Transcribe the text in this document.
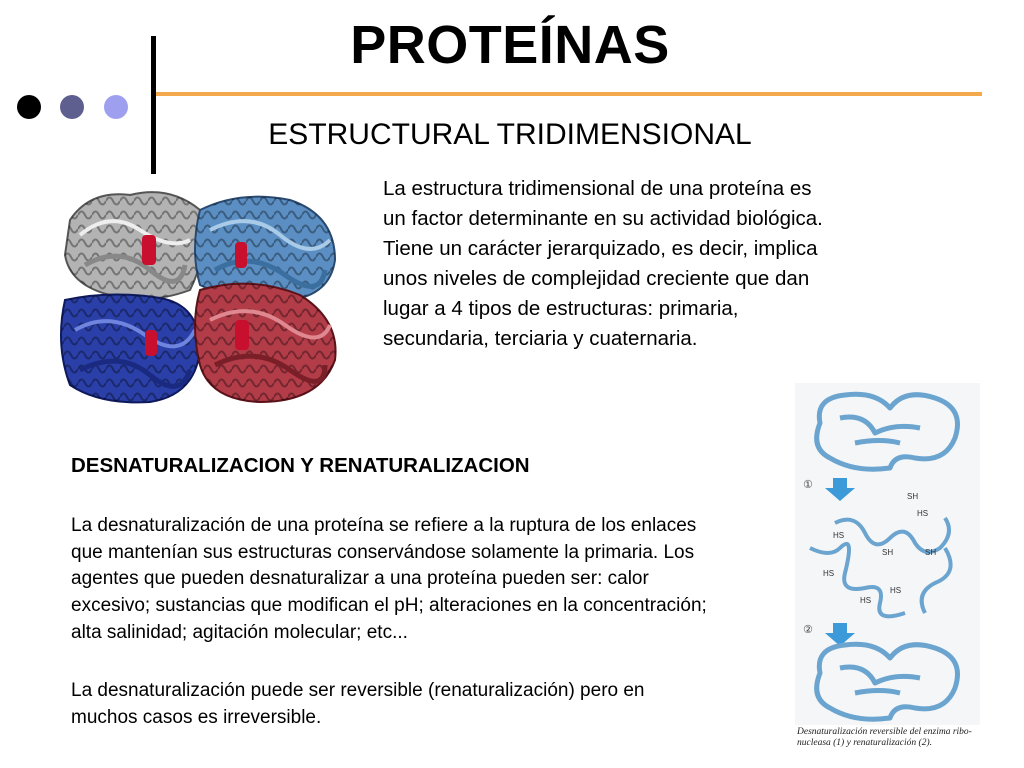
PROTEÍNAS
ESTRUCTURAL TRIDIMENSIONAL
La estructura tridimensional de una proteína es un factor determinante en su actividad biológica. Tiene un carácter jerarquizado, es decir, implica unos niveles de complejidad creciente que dan lugar a 4 tipos de estructuras: primaria, secundaria, terciaria y cuaternaria.
DESNATURALIZACION Y RENATURALIZACION
La desnaturalización de una proteína se refiere a la ruptura de los enlaces que mantenían sus estructuras conservándose solamente la primaria. Los agentes que pueden desnaturalizar a una proteína pueden ser: calor excesivo; sustancias que modifican el pH; alteraciones en la concentración; alta salinidad; agitación molecular; etc...
La desnaturalización puede ser reversible (renaturalización) pero en muchos casos es irreversible.
①
SH
HS
HS
SH	SH
HS
HS
HS
②
Desnaturalización reversible del enzima ribo-nucleasa (1) y renaturalización (2).
